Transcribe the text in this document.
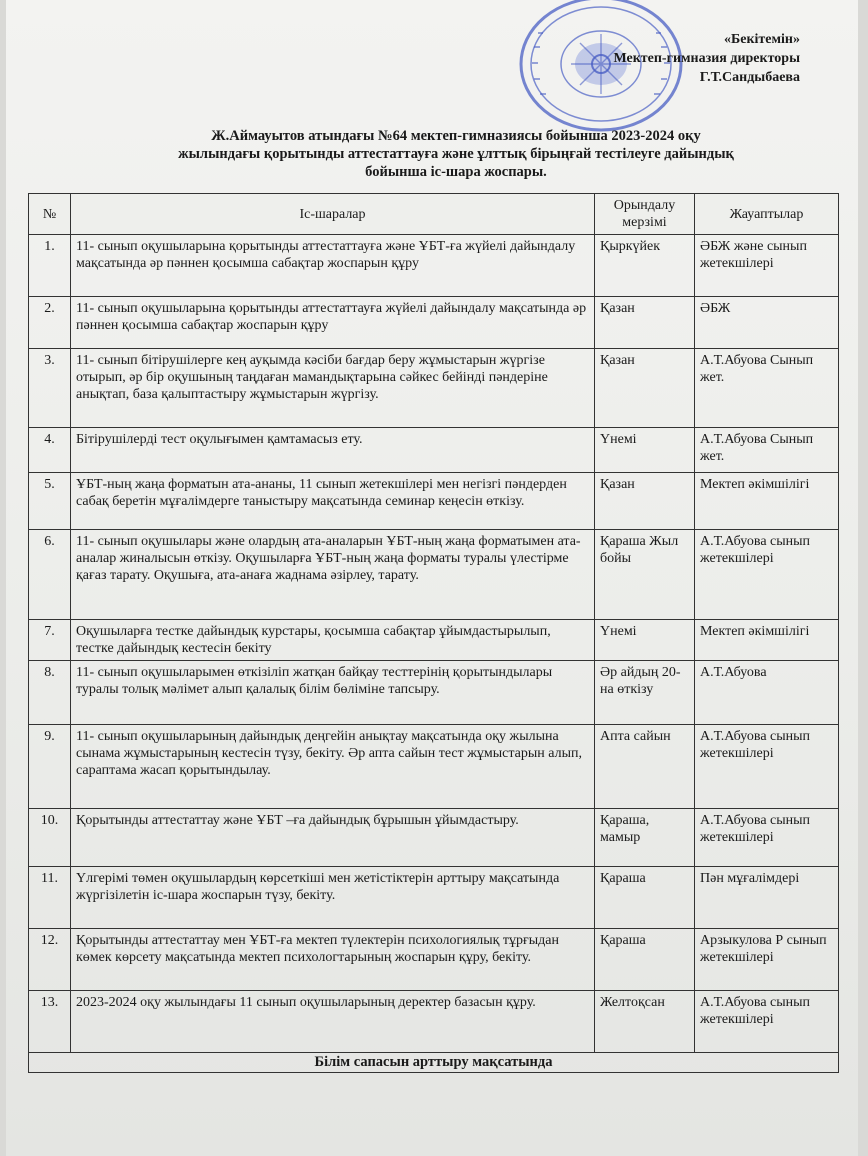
«Бекітемін»
Мектеп-гимназия директоры
Г.Т.Сандыбаева
Ж.Аймауытов атындағы №64 мектеп-гимназиясы бойынша 2023-2024 оқу
жылындағы қорытынды аттестаттауға және ұлттық бірыңғай тестілеуге дайындық
бойынша іс-шара жоспары.
№	Іс-шаралар	Орындалу мерзімі	Жауаптылар
1.	11- сынып оқушыларына қорытынды аттестаттауға және ҰБТ-ға жүйелі дайындалу мақсатында әр пәннен қосымша сабақтар жоспарын құру	Қыркүйек	ӘБЖ және сынып жетекшілері
2.	11- сынып оқушыларына қорытынды аттестаттауға жүйелі дайындалу мақсатында әр пәннен қосымша сабақтар жоспарын құру	Қазан	ӘБЖ
3.	11- сынып бітірушілерге кең ауқымда кәсіби бағдар беру жұмыстарын жүргізе отырып, әр бір оқушының таңдаған мамандықтарына сәйкес бейінді пәндеріне анықтап, база қалыптастыру жұмыстарын жүргізу.	Қазан	А.Т.Абуова Сынып жет.
4.	Бітірушілерді тест оқулығымен қамтамасыз ету.	Үнемі	А.Т.Абуова Сынып жет.
5.	ҰБТ-ның жаңа форматын ата-ананы, 11 сынып жетекшілері мен негізгі пәндерден сабақ беретін мұғалімдерге таныстыру мақсатында семинар кеңесін өткізу.	Қазан	Мектеп әкімшілігі
6.	11- сынып оқушылары және олардың ата-аналарын ҰБТ-ның жаңа форматымен ата-аналар жиналысын өткізу. Оқушыларға ҰБТ-ның жаңа форматы туралы үлестірме қағаз тарату. Оқушыға, ата-анаға жаднама әзірлеу, тарату.	Қараша Жыл бойы	А.Т.Абуова сынып жетекшілері
7.	Оқушыларға тестке дайындық курстары, қосымша сабақтар ұйымдастырылып, тестке дайындық кестесін бекіту	Үнемі	Мектеп әкімшілігі
8.	11- сынып оқушыларымен өткізіліп жатқан байқау тесттерінің қорытындылары туралы толық мәлімет алып қалалық білім бөліміне тапсыру.	Әр айдың 20-на өткізу	А.Т.Абуова
9.	11- сынып оқушыларының дайындық деңгейін анықтау мақсатында оқу жылына сынама жұмыстарының кестесін түзу, бекіту. Әр апта сайын тест жұмыстарын алып, сараптама жасап қорытындылау.	Апта сайын	А.Т.Абуова сынып жетекшілері
10.	Қорытынды аттестаттау және ҰБТ –ға дайындық бұрышын ұйымдастыру.	Қараша, мамыр	А.Т.Абуова сынып жетекшілері
11.	Үлгерімі төмен оқушылардың көрсеткіші мен жетістіктерін арттыру мақсатында жүргізілетін іс-шара жоспарын түзу, бекіту.	Қараша	Пән мұғалімдері
12.	Қорытынды аттестаттау мен ҰБТ-ға мектеп түлектерін психологиялық тұрғыдан көмек көрсету мақсатында мектеп психологтарының жоспарын құру, бекіту.	Қараша	Арзыкулова Р сынып жетекшілері
13.	2023-2024 оқу жылындағы 11 сынып оқушыларының деректер базасын құру.	Желтоқсан	А.Т.Абуова сынып жетекшілері
Білім сапасын арттыру мақсатында			
